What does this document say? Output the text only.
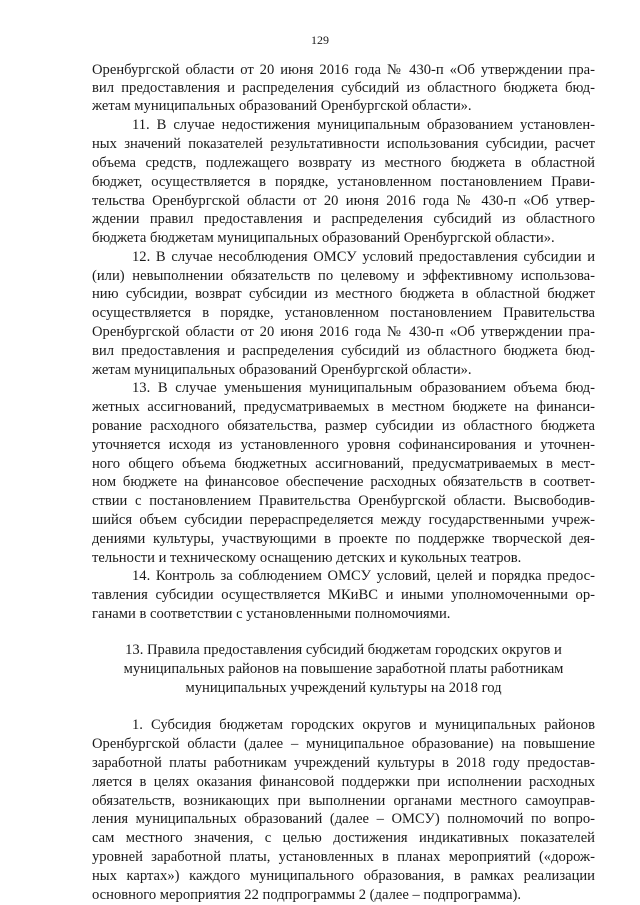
129
Оренбургской области от 20 июня 2016 года № 430-п «Об утверждении пра-
вил предоставления и распределения субсидий из областного бюджета бюд-
жетам муниципальных образований Оренбургской области».
11. В случае недостижения муниципальным образованием установлен-
ных значений показателей результативности использования субсидии, расчет
объема средств, подлежащего возврату из местного бюджета в областной
бюджет, осуществляется в порядке, установленном постановлением Прави-
тельства Оренбургской области от 20 июня 2016 года № 430-п «Об утвер-
ждении правил предоставления и распределения субсидий из областного
бюджета бюджетам муниципальных образований Оренбургской области».
12. В случае несоблюдения ОМСУ условий предоставления субсидии и
(или) невыполнении обязательств по целевому и эффективному использова-
нию субсидии, возврат субсидии из местного бюджета в областной бюджет
осуществляется в порядке, установленном постановлением Правительства
Оренбургской области от 20 июня 2016 года № 430-п «Об утверждении пра-
вил предоставления и распределения субсидий из областного бюджета бюд-
жетам муниципальных образований Оренбургской области».
13. В случае уменьшения муниципальным образованием объема бюд-
жетных ассигнований, предусматриваемых в местном бюджете на финанси-
рование расходного обязательства, размер субсидии из областного бюджета
уточняется исходя из установленного уровня софинансирования и уточнен-
ного общего объема бюджетных ассигнований, предусматриваемых в мест-
ном бюджете на финансовое обеспечение расходных обязательств в соответ-
ствии с постановлением Правительства Оренбургской области. Высвободив-
шийся объем субсидии перераспределяется между государственными учреж-
дениями культуры, участвующими в проекте по поддержке творческой дея-
тельности и техническому оснащению детских и кукольных театров.
14. Контроль за соблюдением ОМСУ условий, целей и порядка предос-
тавления субсидии осуществляется МКиВС и иными уполномоченными ор-
ганами в соответствии с установленными полномочиями.
13. Правила предоставления субсидий бюджетам городских округов и
муниципальных районов на повышение заработной платы работникам
муниципальных учреждений культуры на 2018 год
1. Субсидия бюджетам городских округов и муниципальных районов
Оренбургской области (далее – муниципальное образование) на повышение
заработной платы работникам учреждений культуры в 2018 году предостав-
ляется в целях оказания финансовой поддержки при исполнении расходных
обязательств, возникающих при выполнении органами местного самоуправ-
ления муниципальных образований (далее – ОМСУ) полномочий по вопро-
сам местного значения, с целью достижения индикативных показателей
уровней заработной платы, установленных в планах мероприятий («дорож-
ных картах») каждого муниципального образования, в рамках реализации
основного мероприятия 22 подпрограммы 2 (далее – подпрограмма).
